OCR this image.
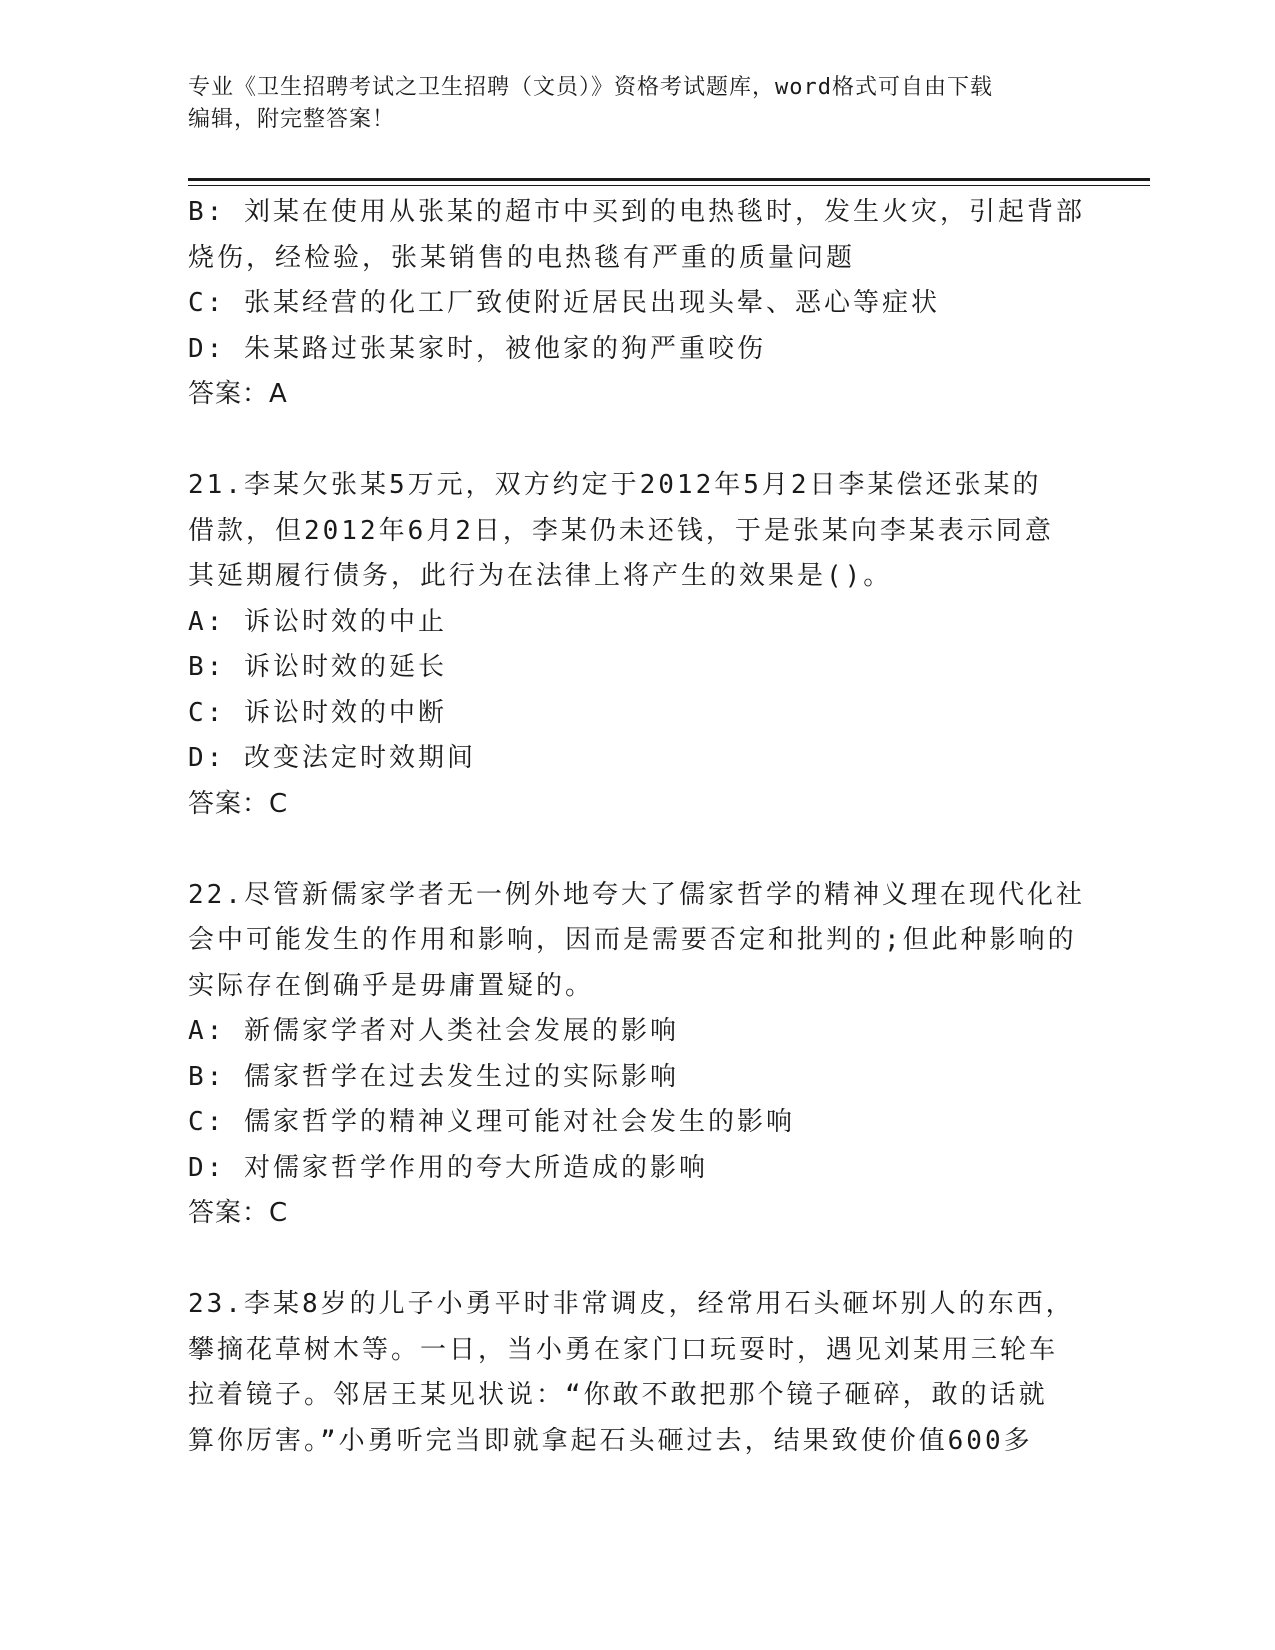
专业《卫生招聘考试之卫生招聘（文员）》资格考试题库，word格式可自由下载
编辑，附完整答案！
B: 刘某在使用从张某的超市中买到的电热毯时，发生火灾，引起背部
烧伤，经检验，张某销售的电热毯有严重的质量问题
C: 张某经营的化工厂致使附近居民出现头晕、恶心等症状
D: 朱某路过张某家时，被他家的狗严重咬伤
答案：A
21.李某欠张某5万元，双方约定于2012年5月2日李某偿还张某的
借款，但2012年6月2日，李某仍未还钱，于是张某向李某表示同意
其延期履行债务，此行为在法律上将产生的效果是()。
A: 诉讼时效的中止
B: 诉讼时效的延长
C: 诉讼时效的中断
D: 改变法定时效期间
答案：C
22.尽管新儒家学者无一例外地夸大了儒家哲学的精神义理在现代化社
会中可能发生的作用和影响，因而是需要否定和批判的;但此种影响的
实际存在倒确乎是毋庸置疑的。
A: 新儒家学者对人类社会发展的影响
B: 儒家哲学在过去发生过的实际影响
C: 儒家哲学的精神义理可能对社会发生的影响
D: 对儒家哲学作用的夸大所造成的影响
答案：C
23.李某8岁的儿子小勇平时非常调皮，经常用石头砸坏别人的东西，
攀摘花草树木等。一日，当小勇在家门口玩耍时，遇见刘某用三轮车
拉着镜子。邻居王某见状说：“你敢不敢把那个镜子砸碎，敢的话就
算你厉害。”小勇听完当即就拿起石头砸过去，结果致使价值600多
